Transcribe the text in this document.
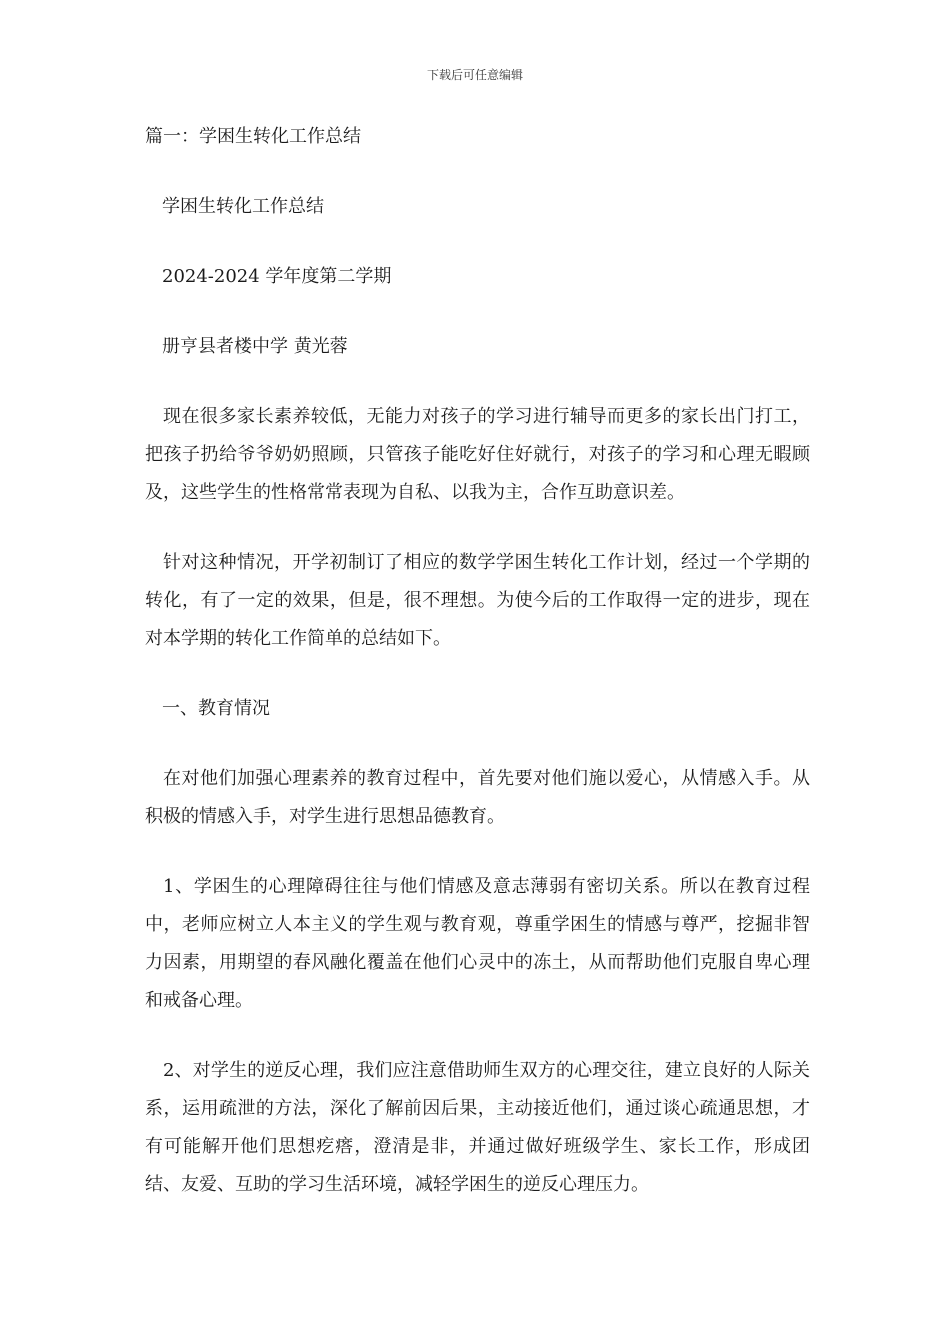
下载后可任意编辑

篇一：学困生转化工作总结

学困生转化工作总结

2024-2024 学年度第二学期

册亨县者楼中学 黄光蓉

现在很多家长素养较低，无能力对孩子的学习进行辅导而更多的家长出门打工，把孩子扔给爷爷奶奶照顾，只管孩子能吃好住好就行，对孩子的学习和心理无暇顾及，这些学生的性格常常表现为自私、以我为主，合作互助意识差。

针对这种情况，开学初制订了相应的数学学困生转化工作计划，经过一个学期的转化，有了一定的效果，但是，很不理想。为使今后的工作取得一定的进步，现在对本学期的转化工作简单的总结如下。

一、教育情况

在对他们加强心理素养的教育过程中，首先要对他们施以爱心，从情感入手。从积极的情感入手，对学生进行思想品德教育。

1、学困生的心理障碍往往与他们情感及意志薄弱有密切关系。所以在教育过程中，老师应树立人本主义的学生观与教育观，尊重学困生的情感与尊严，挖掘非智力因素，用期望的春风融化覆盖在他们心灵中的冻土，从而帮助他们克服自卑心理和戒备心理。

2、对学生的逆反心理，我们应注意借助师生双方的心理交往，建立良好的人际关系，运用疏泄的方法，深化了解前因后果，主动接近他们，通过谈心疏通思想，才有可能解开他们思想疙瘩，澄清是非，并通过做好班级学生、家长工作，形成团结、友爱、互助的学习生活环境，减轻学困生的逆反心理压力。
